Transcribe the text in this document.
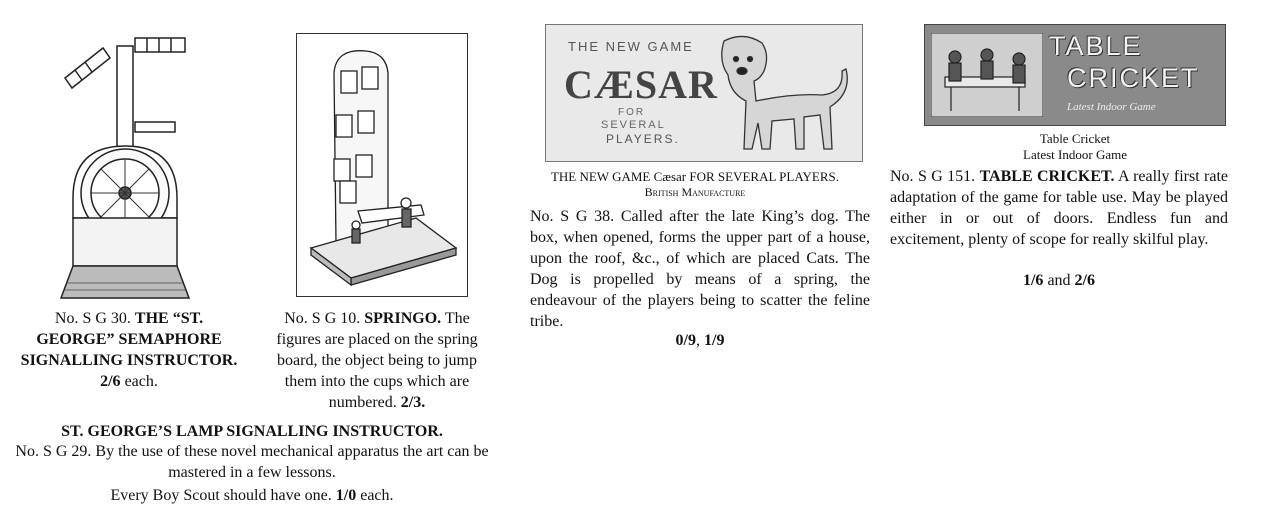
No. S G 30. THE “ST. GEORGE” SEMAPHORE SIGNALLING INSTRUCTOR. 2/6 each.
No. S G 10. SPRINGO. The figures are placed on the spring board, the object being to jump them into the cups which are numbered. 2/3.
ST. GEORGE’S LAMP SIGNALLING INSTRUCTOR.
No. S G 29. By the use of these novel mechanical apparatus the art can be mastered in a few lessons.
Every Boy Scout should have one. 1/0 each.
THE NEW GAME
CÆSAR
FOR
SEVERAL
PLAYERS.
THE NEW GAME Cæsar FOR SEVERAL PLAYERS.
British Manufacture
No. S G 38. Called after the late King’s dog. The box, when opened, forms the upper part of a house, upon the roof, &c., of which are placed Cats. The Dog is propelled by means of a spring, the endeavour of the players being to scatter the feline tribe.
0/9, 1/9
TABLE
CRICKET
Latest Indoor Game
Table Cricket
Latest Indoor Game
No. S G 151. TABLE CRICKET. A really first rate adaptation of the game for table use. May be played either in or out of doors. Endless fun and excitement, plenty of scope for really skilful play.
1/6 and 2/6
